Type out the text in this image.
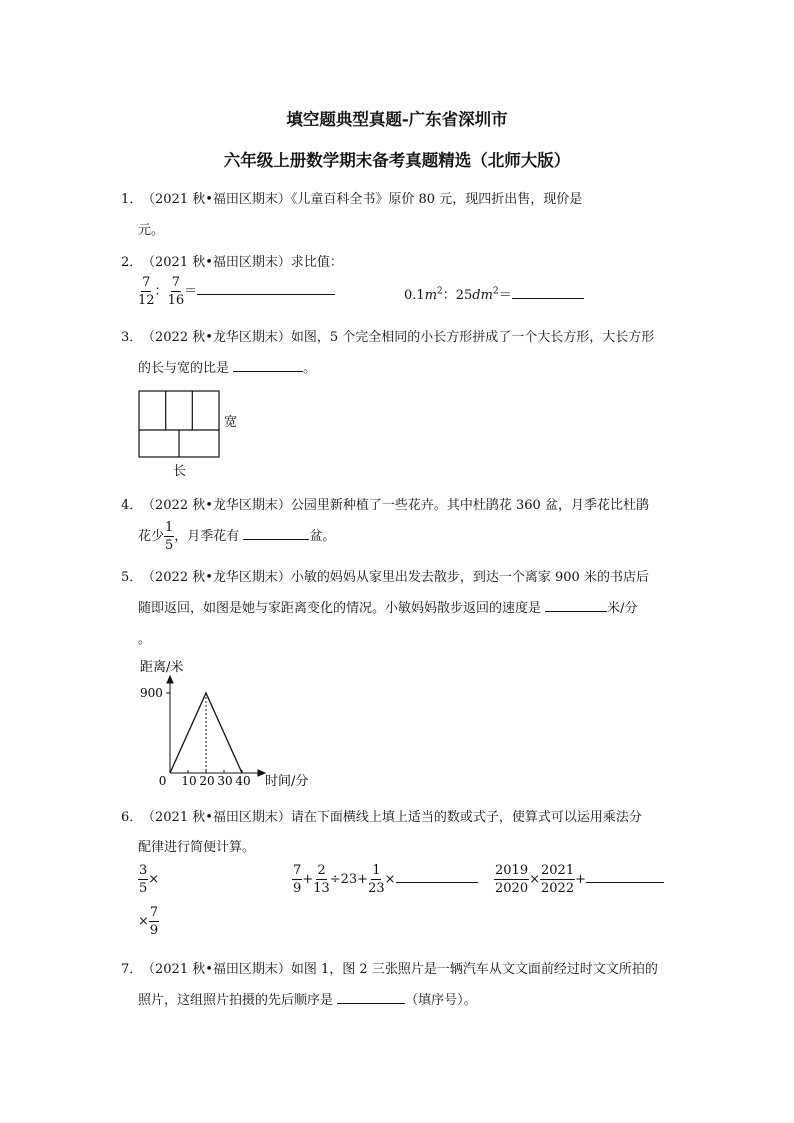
填空题典型真题-广东省深圳市
六年级上册数学期末备考真题精选（北师大版）
1． （2021 秋•福田区期末）《儿童百科全书》原价 80 元，现四折出售，现价是
元。
2． （2021 秋•福田区期末）求比值：
$\frac{7}{12}$ ： $\frac{7}{16}$ ＝	$0.1m^2$：$25dm^2=$
3． （2022 秋•龙华区期末）如图，5 个完全相同的小长方形拼成了一个大长方形，大长方形
的长与宽的比是	。
宽
长
4． （2022 秋•龙华区期末）公园里新种植了一些花卉。其中杜鹃花 360 盆，月季花比杜鹃
花少 $\frac{1}{5}$ ，月季花有	盆。
5． （2022 秋•龙华区期末）小敏的妈妈从家里出发去散步，到达一个离家 900 米的书店后
随即返回，如图是她与家距离变化的情况。小敏妈妈散步返回的速度是	米/分
。
距离/米
时间/分
900
0 10 20 30 40
6． （2021 秋•福田区期末）请在下面横线上填上适当的数或式子，使算式可以运用乘法分
配律进行简便计算。
$\frac{3}{5}$ ×
× $\frac{7}{9}$
$\frac{7}{9} + \frac{2}{13} \div 23+ \frac{1}{23}$ ×	$\frac{2019}{2020} \times \frac{2021}{2022}$ +
7． （2021 秋•福田区期末）如图 1，图 2 三张照片是一辆汽车从文文面前经过时文文所拍的
照片，这组照片拍摄的先后顺序是	（填序号）。
